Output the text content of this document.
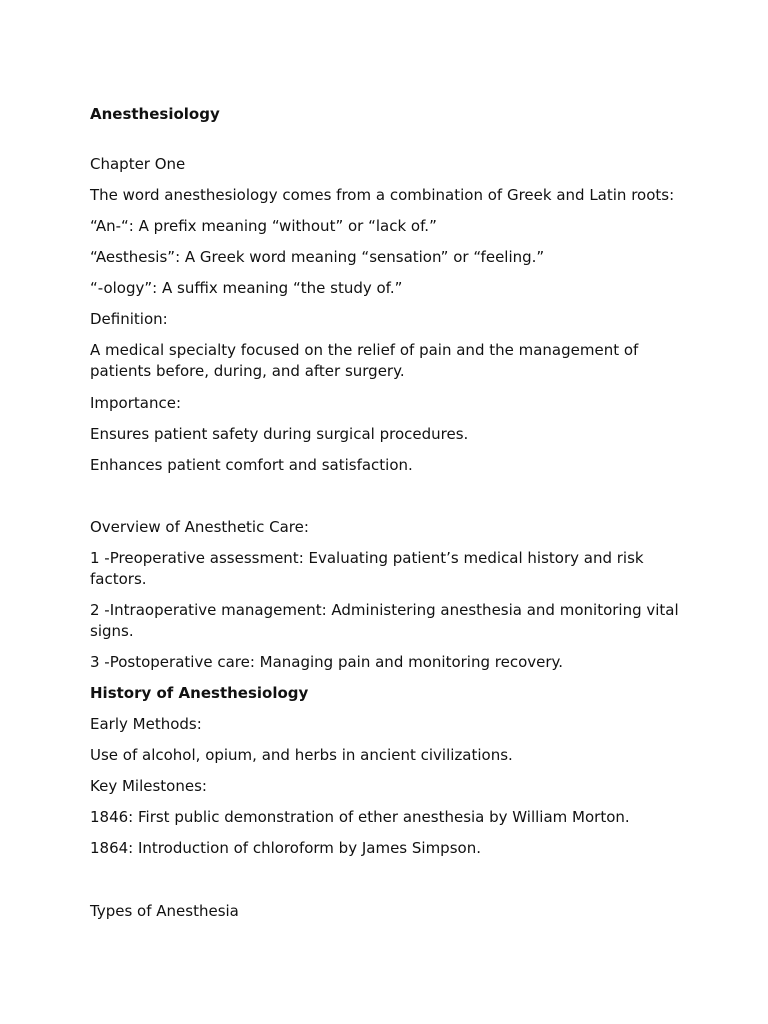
Anesthesiology

Chapter One

The word anesthesiology comes from a combination of Greek and Latin roots:

“An-“: A prefix meaning “without” or “lack of.”

“Aesthesis”: A Greek word meaning “sensation” or “feeling.”

“-ology”: A suffix meaning “the study of.”

Definition:

A medical specialty focused on the relief of pain and the management of patients before, during, and after surgery.

Importance:

Ensures patient safety during surgical procedures.

Enhances patient comfort and satisfaction.

Overview of Anesthetic Care:

1 -Preoperative assessment: Evaluating patient’s medical history and risk factors.

2 -Intraoperative management: Administering anesthesia and monitoring vital signs.

3 -Postoperative care: Managing pain and monitoring recovery.

History of Anesthesiology

Early Methods:

Use of alcohol, opium, and herbs in ancient civilizations.

Key Milestones:

1846: First public demonstration of ether anesthesia by William Morton.

1864: Introduction of chloroform by James Simpson.

Types of Anesthesia
